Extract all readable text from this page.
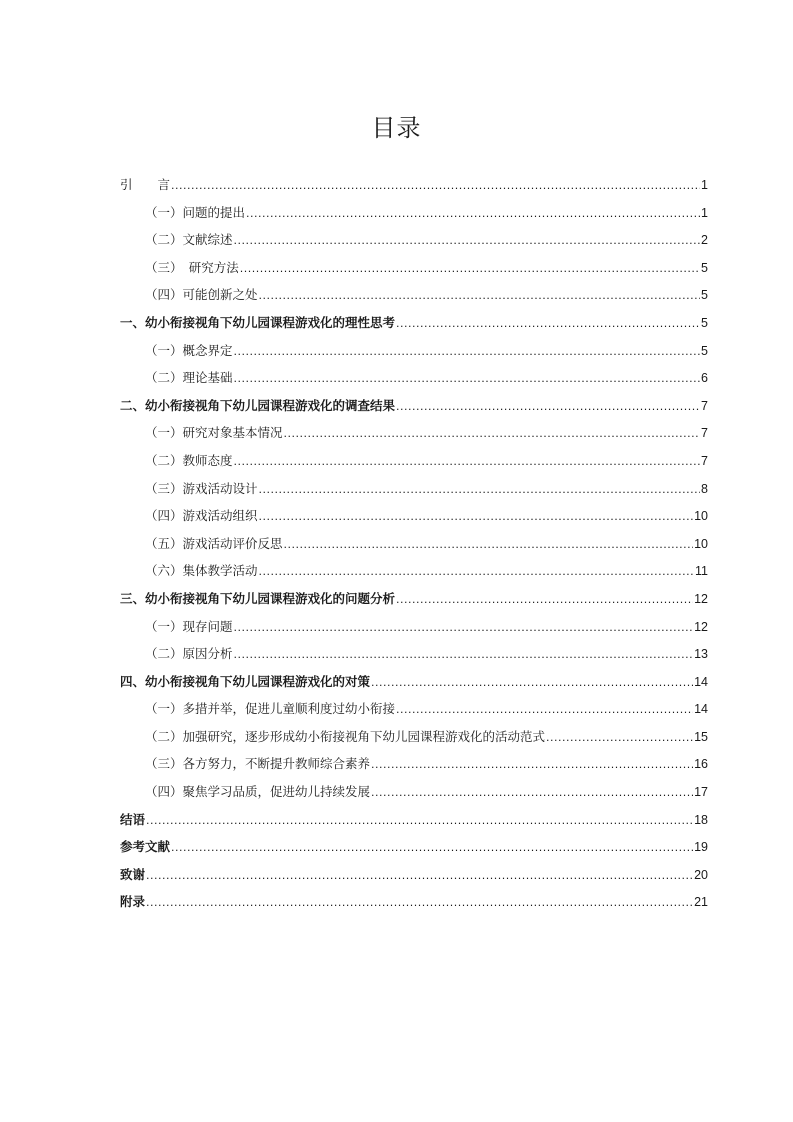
目录
引　　言 .....	1
（一）问题的提出 .....	1
（二）文献综述 .....	2
（三）　研究方法 .....	5
（四）可能创新之处 .....	5
一、幼小衔接视角下幼儿园课程游戏化的理性思考 .....	5
（一）概念界定 .....	5
（二）理论基础 .....	6
二、幼小衔接视角下幼儿园课程游戏化的调查结果 .....	7
（一）研究对象基本情况 .....	7
（二）教师态度 .....	7
（三）游戏活动设计 .....	8
（四）游戏活动组织 .....	10
（五）游戏活动评价反思 .....	10
（六）集体教学活动 .....	11
三、幼小衔接视角下幼儿园课程游戏化的问题分析 .....	12
（一）现存问题 .....	12
（二）原因分析 .....	13
四、幼小衔接视角下幼儿园课程游戏化的对策 .....	14
（一）多措并举，促进儿童顺利度过幼小衔接 .....	14
（二）加强研究，逐步形成幼小衔接视角下幼儿园课程游戏化的活动范式 .....	15
（三）各方努力，不断提升教师综合素养 .....	16
（四）聚焦学习品质，促进幼儿持续发展 .....	17
结语 .....	18
参考文献 .....	19
致谢 .....	20
附录 .....	21
